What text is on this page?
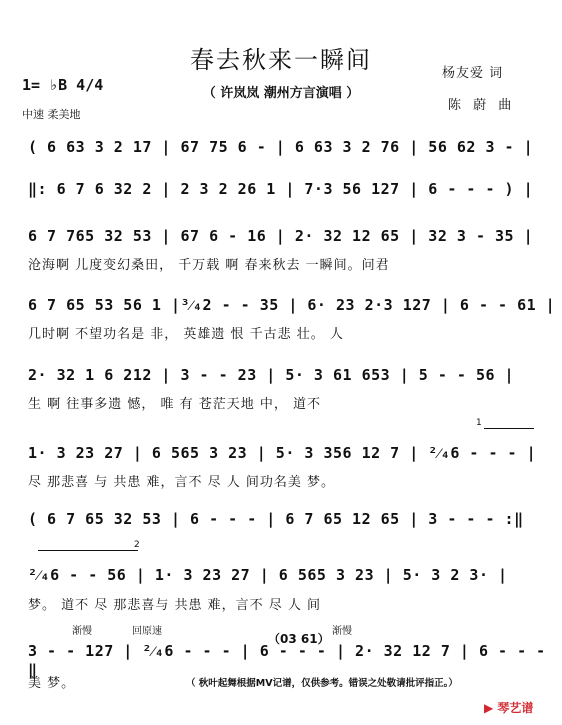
春去秋来一瞬间
（ 许岚岚 潮州方言演唱 ）
1= ♭B 4/4
中速 柔美地
杨友爱 词
陈 蔚 曲
( 6 63 3 2 17 | 67 75 6 - | 6 63 3 2 76 | 56 62 3 - |
‖: 6 7 6 32 2 | 2 3 2 26 1 | 7·3 56 127 | 6 - - - ) |
6 7 765 32 53 | 67 6 - 16 | 2· 32 12 65 | 32 3 - 35 |
沧海啊 儿度变幻桑田， 千万载 啊 春来秋去 一瞬间。问君
6 7 65 53 56 1 |³⁄₄2 - - 35 | 6· 23 2·3 127 | 6 - - 61 |
几时啊 不望功名是 非， 英雄遗 恨 千古悲 壮。 人
2· 32 1 6 212 | 3 - - 23 | 5· 3 61 653 | 5 - - 56 |
生 啊 往事多遗 憾， 唯 有 苍茫天地 中， 道不
1
1· 3 23 27 | 6 565 3 23 | 5· 3 356 12 7 | ²⁄₄6 - - - |
尽 那悲喜 与 共患 难，言不 尽 人 间功名美 梦。
( 6 7 65 32 53 | 6 - - - | 6 7 65 12 65 | 3 - - - :‖
2
²⁄₄6 - - 56 | 1· 3 23 27 | 6 565 3 23 | 5· 3 2 3· |
梦。 道不 尽 那悲喜与 共患 难，言不 尽 人 间
渐慢	回原速
（03 61）
渐慢
3 - - 127 | ²⁄₄6 - - - | 6 - - - | 2· 32 12 7 | 6 - - - ‖
美 梦。	（ 秋叶起舞根据MV记谱，仅供参考。错误之处敬请批评指正。）
▶ 琴艺谱
